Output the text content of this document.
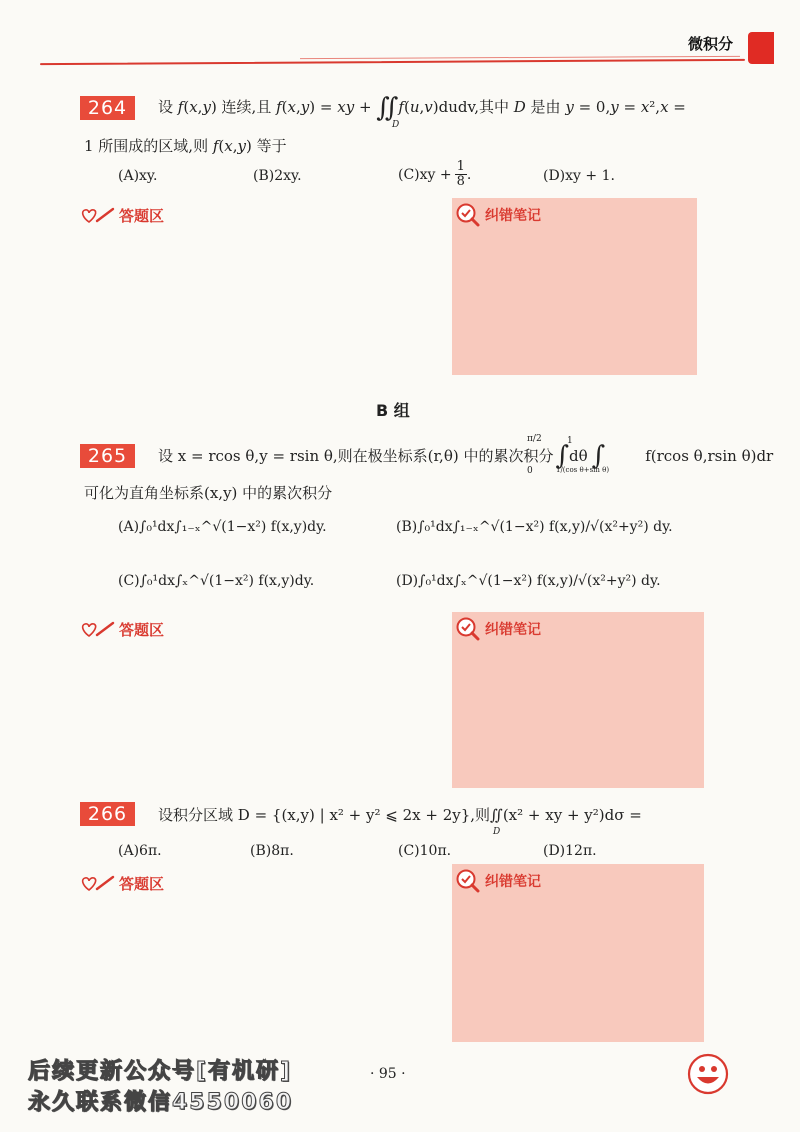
微积分
264	设 f(x,y) 连续,且 f(x,y) = xy + ∬f(u,v)dudv,其中 D 是由 y = 0,y = x²,x =
D
1 所围成的区域,则 f(x,y) 等于
(A)xy.	(B)2xy.	$(C)xy + \frac{1}{8}$ .	(D)xy + 1.
答题区	纠错笔记
B 组
265	设 x = rcos θ,y = rsin θ,则在极坐标系(r,θ) 中的累次积分 ∫ dθ ∫	f(rcos θ,rsin θ)dr
π/2
0
1
1/(cos θ+sin θ)
可化为直角坐标系(x,y) 中的累次积分
(A)∫₀¹dx∫₁₋ₓ^√(1−x²) f(x,y)dy.	(B)∫₀¹dx∫₁₋ₓ^√(1−x²) f(x,y)/√(x²+y²) dy.
(C)∫₀¹dx∫ₓ^√(1−x²) f(x,y)dy.	(D)∫₀¹dx∫ₓ^√(1−x²) f(x,y)/√(x²+y²) dy.
答题区	纠错笔记
266	设积分区域 D = {(x,y) | x² + y² ⩽ 2x + 2y},则∬(x² + xy + y²)dσ =
D
(A)6π.	(B)8π.	(C)10π.	(D)12π.
答题区	纠错笔记
· 95 ·
后续更新公众号[有机研]
永久联系微信4550060
